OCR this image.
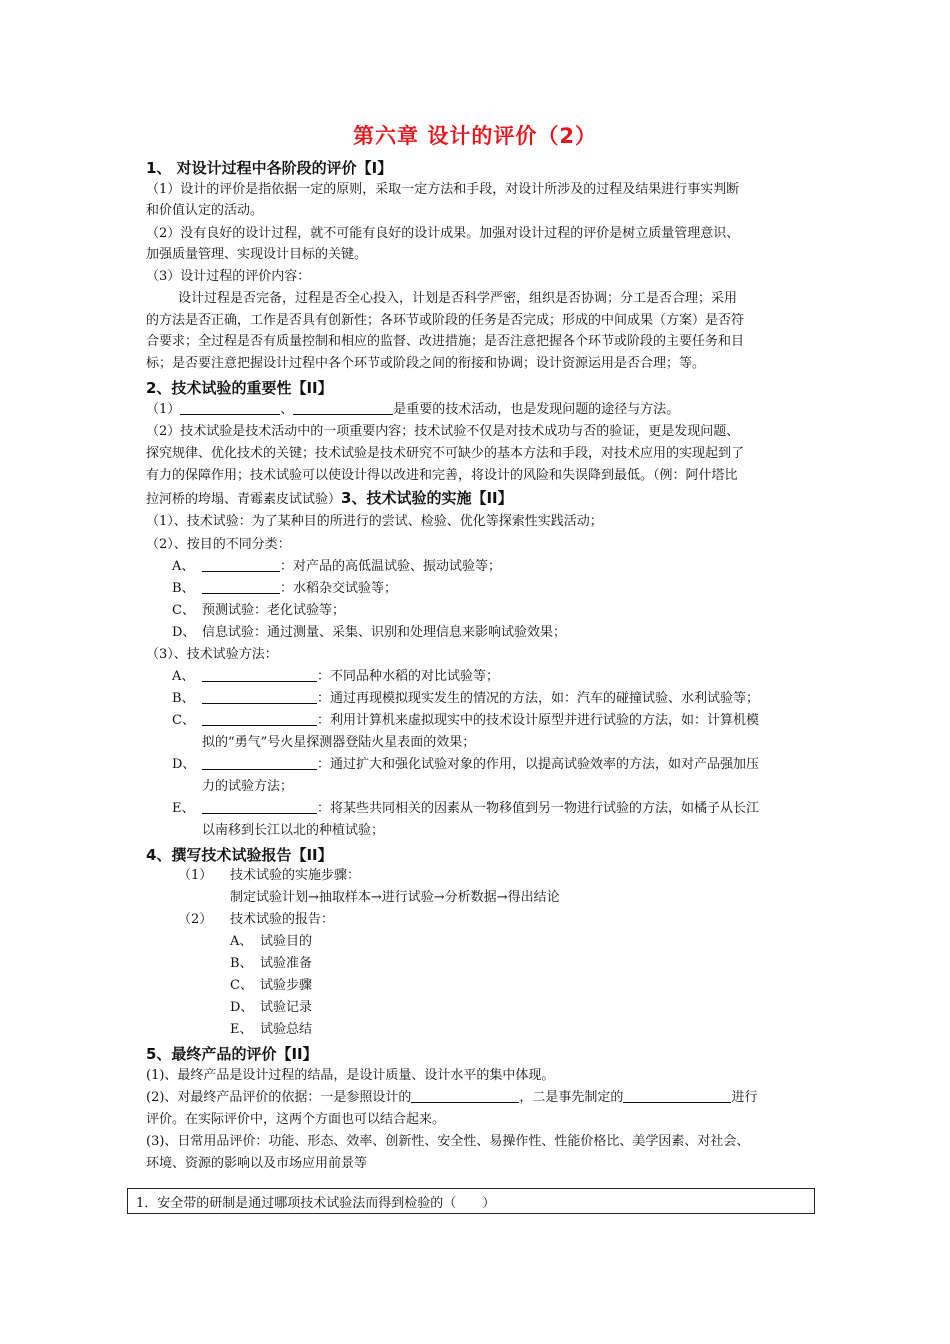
第六章 设计的评价（2）
1、 对设计过程中各阶段的评价【I】
（1）设计的评价是指依据一定的原则，采取一定方法和手段，对设计所涉及的过程及结果进行事实判断
和价值认定的活动。
（2）没有良好的设计过程，就不可能有良好的设计成果。加强对设计过程的评价是树立质量管理意识、
加强质量管理、实现设计目标的关键。
（3）设计过程的评价内容：
设计过程是否完备，过程是否全心投入，计划是否科学严密，组织是否协调；分工是否合理；采用
的方法是否正确，工作是否具有创新性；各环节或阶段的任务是否完成；形成的中间成果（方案）是否符
合要求；全过程是否有质量控制和相应的监督、改进措施；是否注意把握各个环节或阶段的主要任务和目
标；是否要注意把握设计过程中各个环节或阶段之间的衔接和协调；设计资源运用是否合理；等。
2、技术试验的重要性【II】
（1）	、	是重要的技术活动，也是发现问题的途径与方法。
（2）技术试验是技术活动中的一项重要内容；技术试验不仅是对技术成功与否的验证，更是发现问题、
探究规律、优化技术的关键；技术试验是技术研究不可缺少的基本方法和手段，对技术应用的实现起到了
有力的保障作用；技术试验可以使设计得以改进和完善，将设计的风险和失误降到最低。（例：阿什塔比
拉河桥的垮塌、青霉素皮试试验）3、技术试验的实施【II】
（1）、技术试验：为了某种目的所进行的尝试、检验、优化等探索性实践活动；
（2）、按目的不同分类：
A、	：对产品的高低温试验、振动试验等；
B、	：水稻杂交试验等；
C、 预测试验：老化试验等；
D、 信息试验：通过测量、采集、识别和处理信息来影响试验效果；
（3）、技术试验方法：
A、	：不同品种水稻的对比试验等；
B、	：通过再现模拟现实发生的情况的方法，如：汽车的碰撞试验、水利试验等；
C、	：利用计算机来虚拟现实中的技术设计原型并进行试验的方法，如：计算机模
拟的“勇气”号火星探测器登陆火星表面的效果；
D、	：通过扩大和强化试验对象的作用，以提高试验效率的方法，如对产品强加压
力的试验方法；
E、	：将某些共同相关的因素从一物移值到另一物进行试验的方法，如橘子从长江
以南移到长江以北的种植试验；
4、撰写技术试验报告【II】
（1） 技术试验的实施步骤：
制定试验计划→抽取样本→进行试验→分析数据→得出结论
（2） 技术试验的报告：
A、 试验目的
B、 试验准备
C、 试验步骤
D、 试验记录
E、 试验总结
5、最终产品的评价【II】
(1)、最终产品是设计过程的结晶，是设计质量、设计水平的集中体现。
(2)、对最终产品评价的依据：一是参照设计的	，二是事先制定的	进行
评价。在实际评价中，这两个方面也可以结合起来。
(3)、日常用品评价：功能、形态、效率、创新性、安全性、易操作性、性能价格比、美学因素、对社会、
环境、资源的影响以及市场应用前景等
1．安全带的研制是通过哪项技术试验法而得到检验的（　　）
